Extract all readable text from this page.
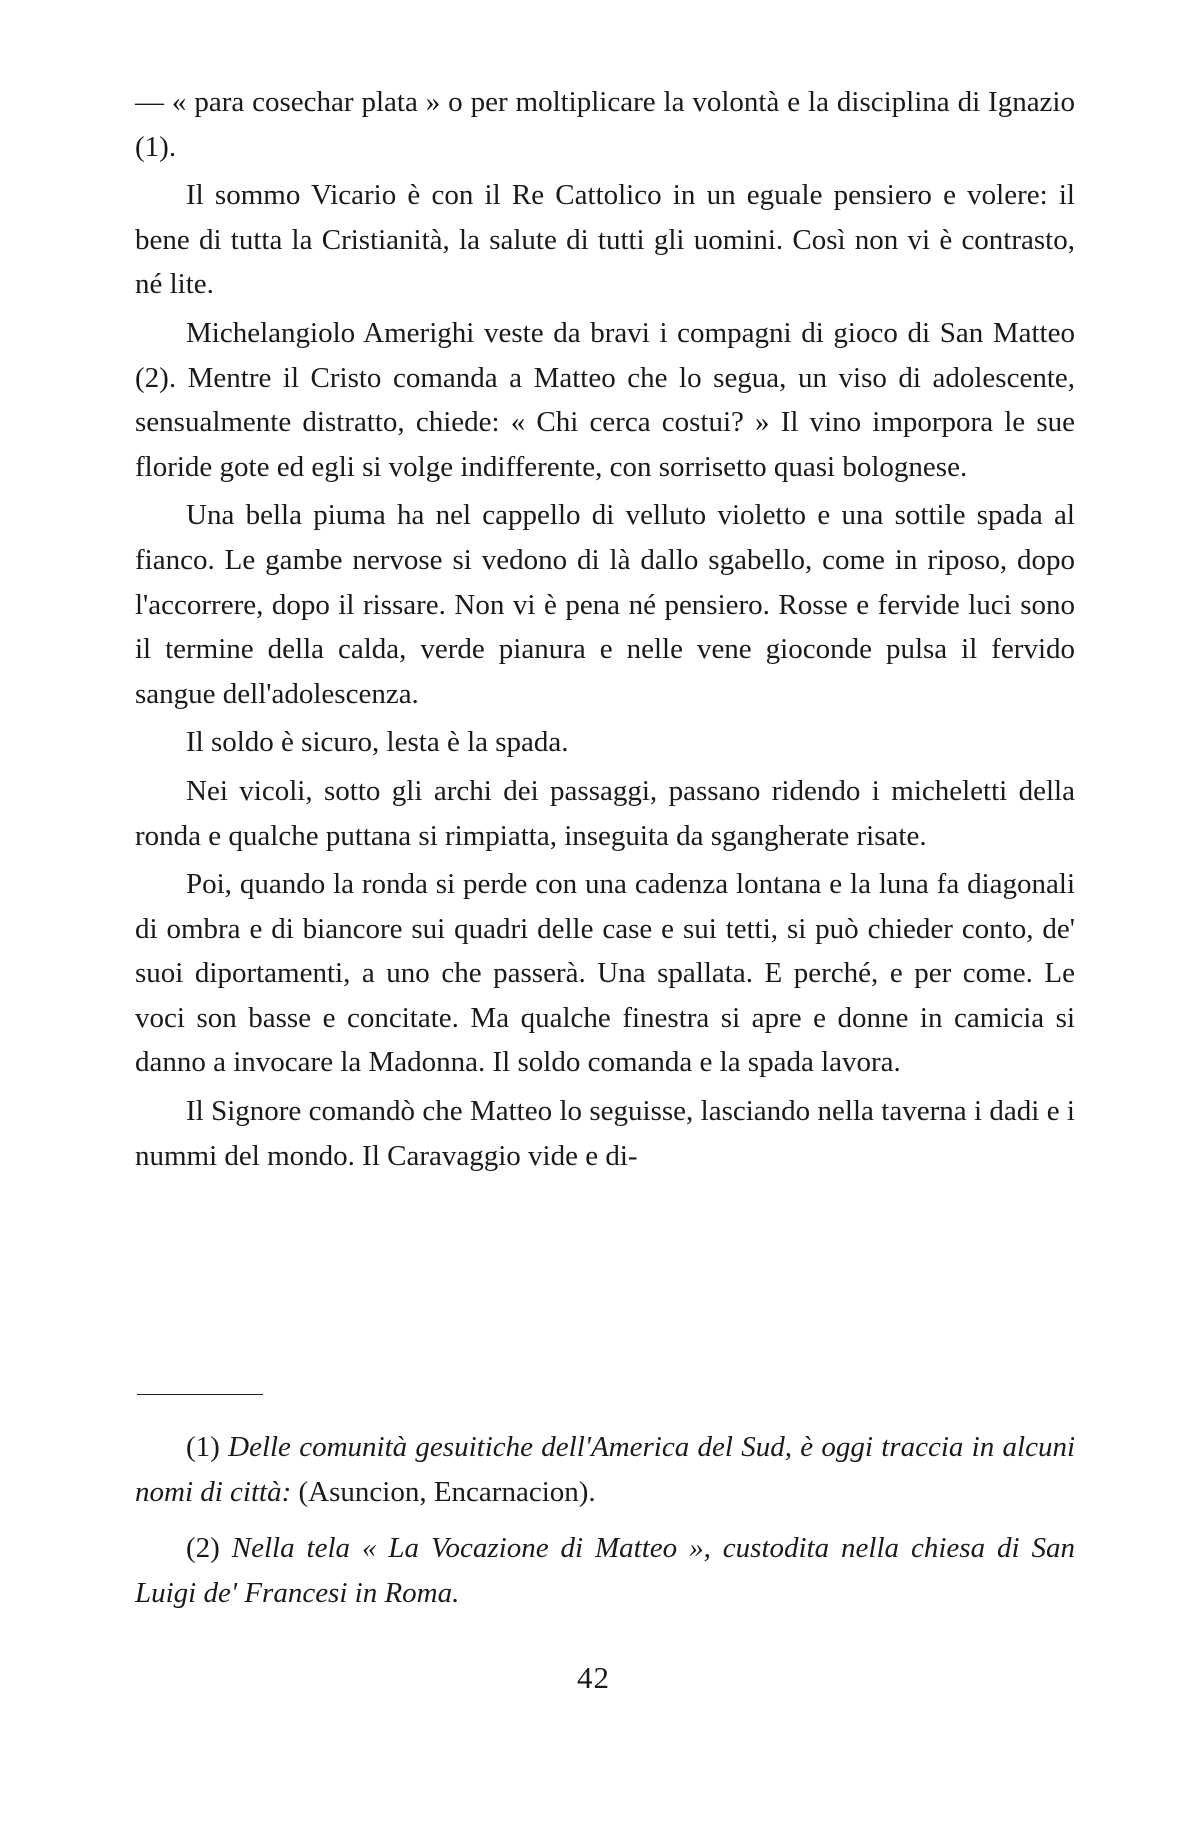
— « para cosechar plata » o per moltiplicare la volontà e la disciplina di Ignazio (1).

Il sommo Vicario è con il Re Cattolico in un eguale pensiero e volere: il bene di tutta la Cristianità, la salute di tutti gli uomini. Così non vi è contrasto, né lite.

Michelangiolo Amerighi veste da bravi i compagni di gioco di San Matteo (2). Mentre il Cristo comanda a Matteo che lo segua, un viso di adolescente, sensualmente distratto, chiede: « Chi cerca costui? » Il vino imporpora le sue floride gote ed egli si volge indifferente, con sorrisetto quasi bolognese.

Una bella piuma ha nel cappello di velluto violetto e una sottile spada al fianco. Le gambe nervose si vedono di là dallo sgabello, come in riposo, dopo l'accorrere, dopo il rissare. Non vi è pena né pensiero. Rosse e fervide luci sono il termine della calda, verde pianura e nelle vene gioconde pulsa il fervido sangue dell'adolescenza.

Il soldo è sicuro, lesta è la spada.

Nei vicoli, sotto gli archi dei passaggi, passano ridendo i micheletti della ronda e qualche puttana si rimpiatta, inseguita da sgangherate risate.

Poi, quando la ronda si perde con una cadenza lontana e la luna fa diagonali di ombra e di biancore sui quadri delle case e sui tetti, si può chieder conto, de' suoi diportamenti, a uno che passerà. Una spallata. E perché, e per come. Le voci son basse e concitate. Ma qualche finestra si apre e donne in camicia si danno a invocare la Madonna. Il soldo comanda e la spada lavora.

Il Signore comandò che Matteo lo seguisse, lasciando nella taverna i dadi e i nummi del mondo. Il Caravaggio vide e di-

(1) Delle comunità gesuitiche dell'America del Sud, è oggi traccia in alcuni nomi di città: (Asuncion, Encarnacion).

(2) Nella tela « La Vocazione di Matteo », custodita nella chiesa di San Luigi de' Francesi in Roma.

42
